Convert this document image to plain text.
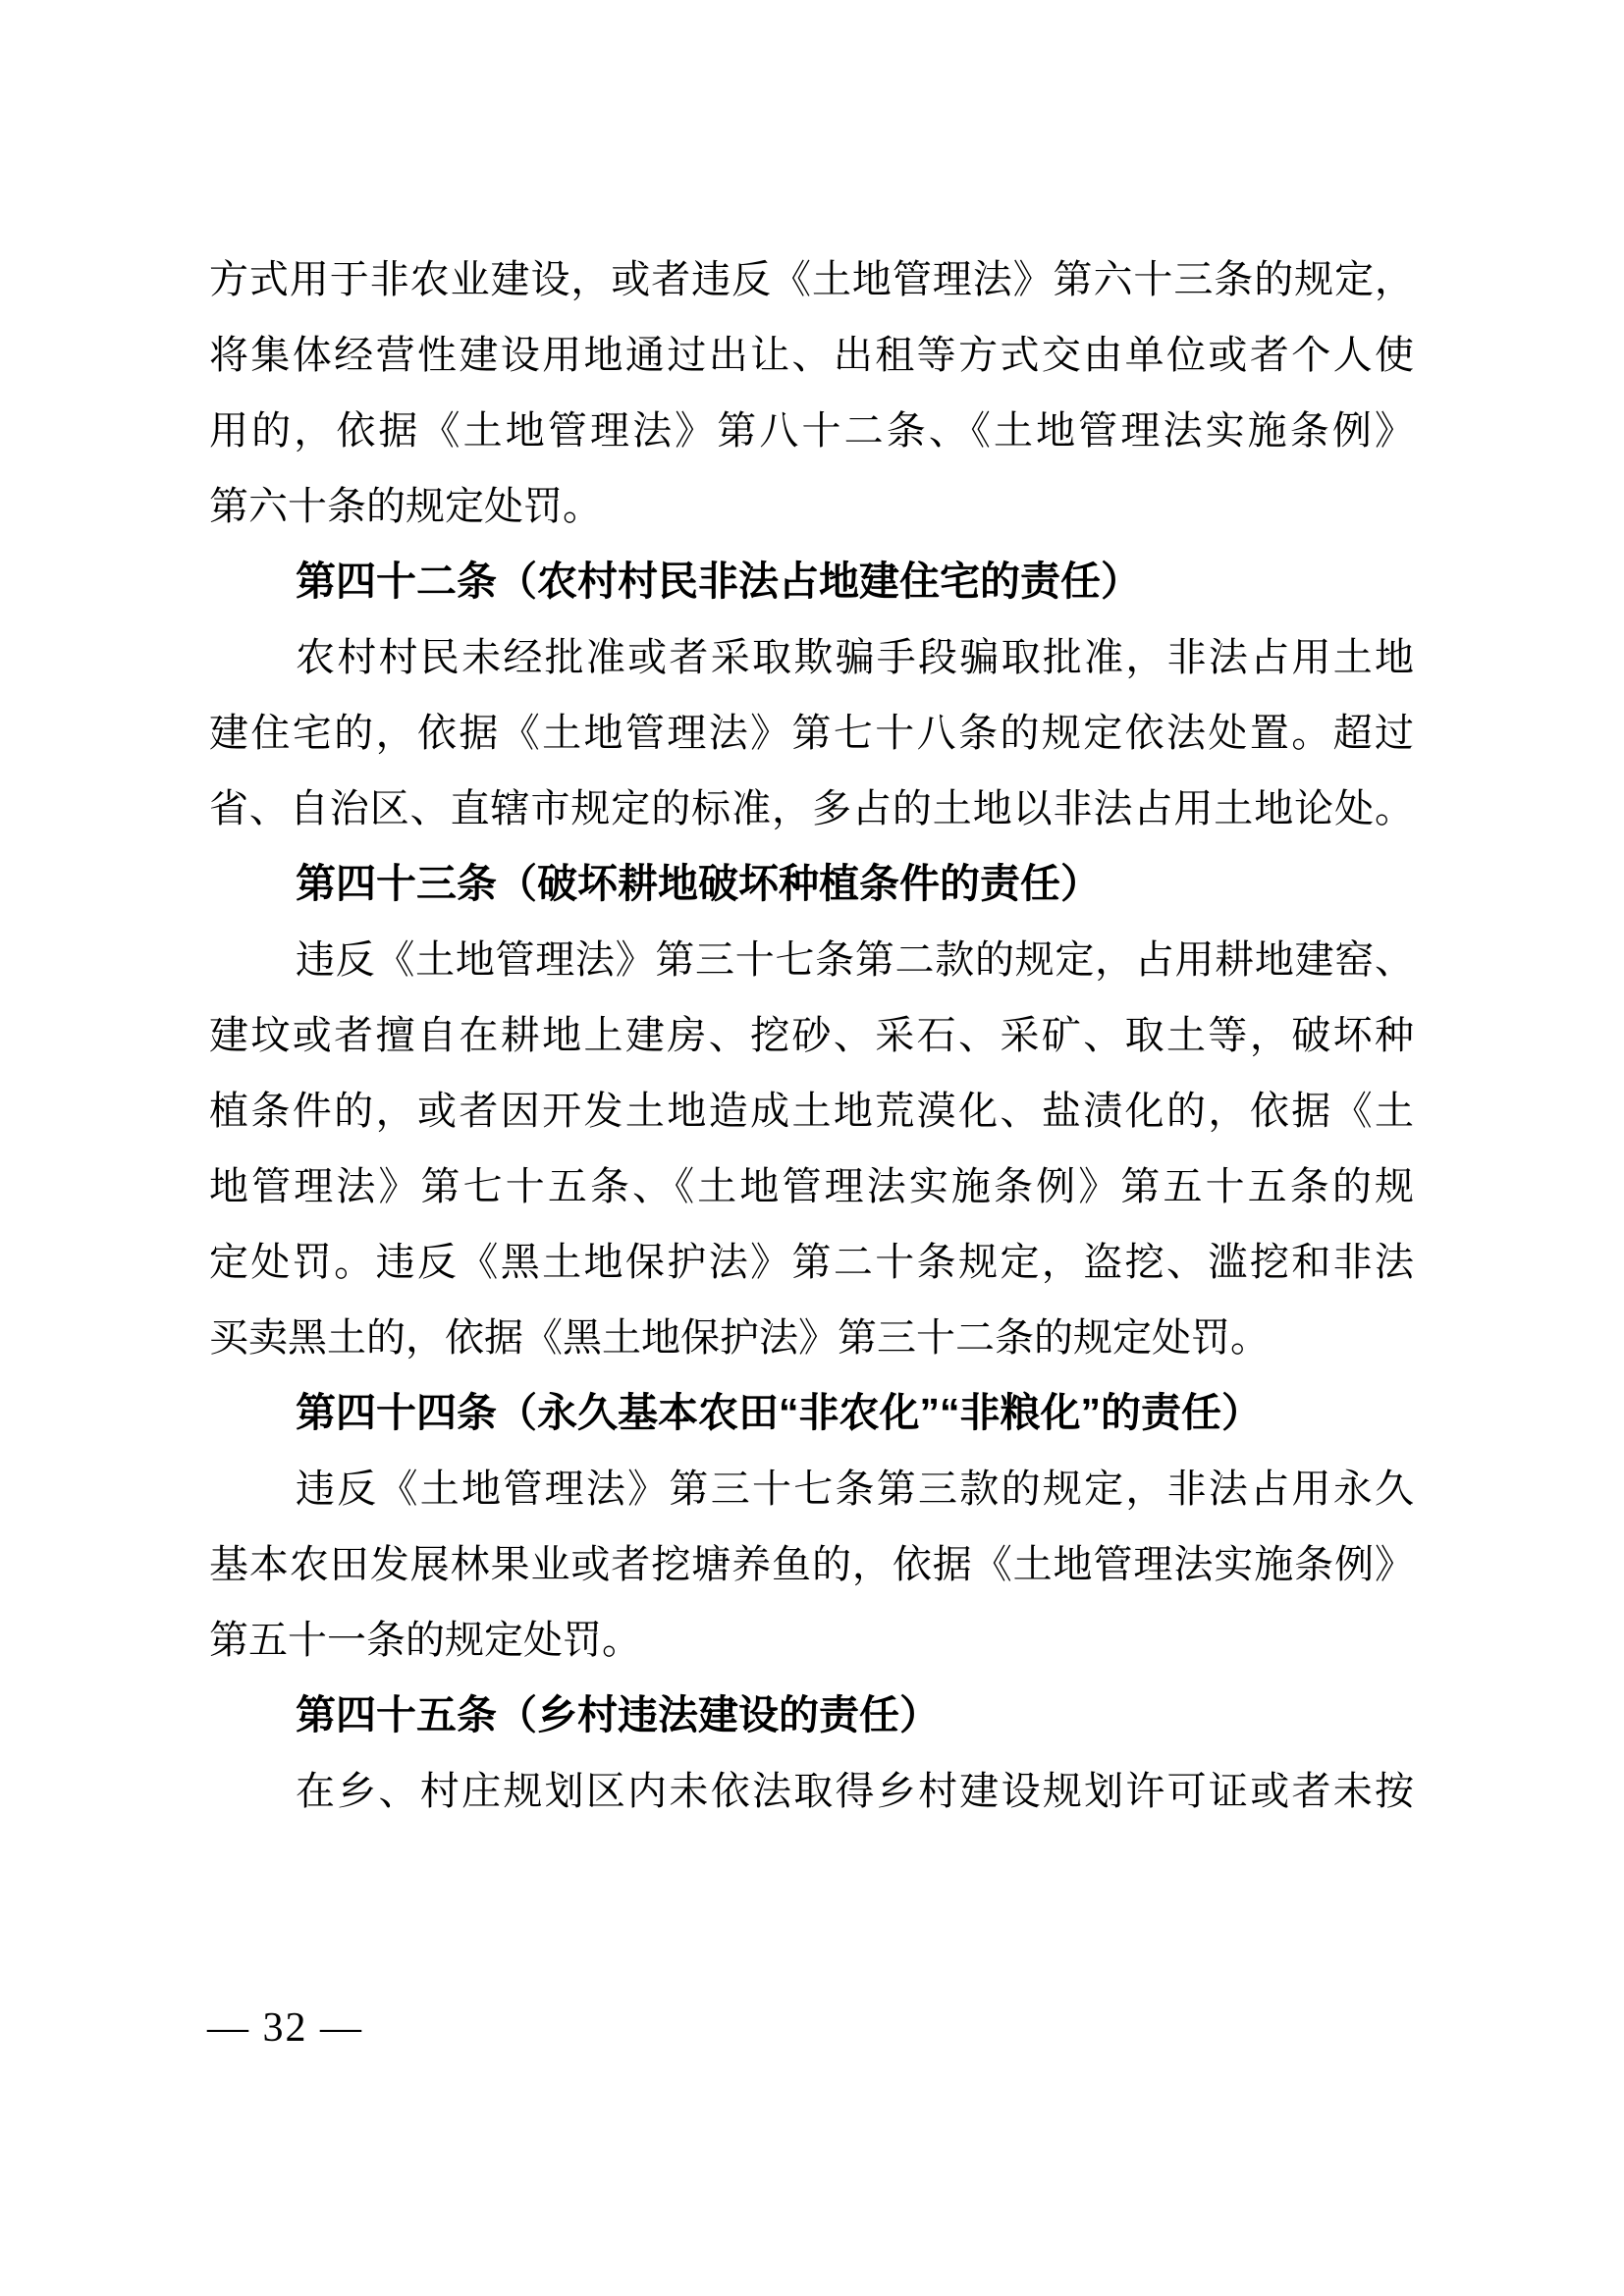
方式用于非农业建设，或者违反《土地管理法》第六十三条的规定，
将集体经营性建设用地通过出让、出租等方式交由单位或者个人使
用的，依据《土地管理法》第八十二条、《土地管理法实施条例》
第六十条的规定处罚。
第四十二条（农村村民非法占地建住宅的责任）
农村村民未经批准或者采取欺骗手段骗取批准，非法占用土地
建住宅的，依据《土地管理法》第七十八条的规定依法处置。超过
省、自治区、直辖市规定的标准，多占的土地以非法占用土地论处。
第四十三条（破坏耕地破坏种植条件的责任）
违反《土地管理法》第三十七条第二款的规定，占用耕地建窑、
建坟或者擅自在耕地上建房、挖砂、采石、采矿、取土等，破坏种
植条件的，或者因开发土地造成土地荒漠化、盐渍化的，依据《土
地管理法》第七十五条、《土地管理法实施条例》第五十五条的规
定处罚。违反《黑土地保护法》第二十条规定，盗挖、滥挖和非法
买卖黑土的，依据《黑土地保护法》第三十二条的规定处罚。
第四十四条（永久基本农田“非农化”“非粮化”的责任）
违反《土地管理法》第三十七条第三款的规定，非法占用永久
基本农田发展林果业或者挖塘养鱼的，依据《土地管理法实施条例》
第五十一条的规定处罚。
第四十五条（乡村违法建设的责任）
在乡、村庄规划区内未依法取得乡村建设规划许可证或者未按
— 32 —
